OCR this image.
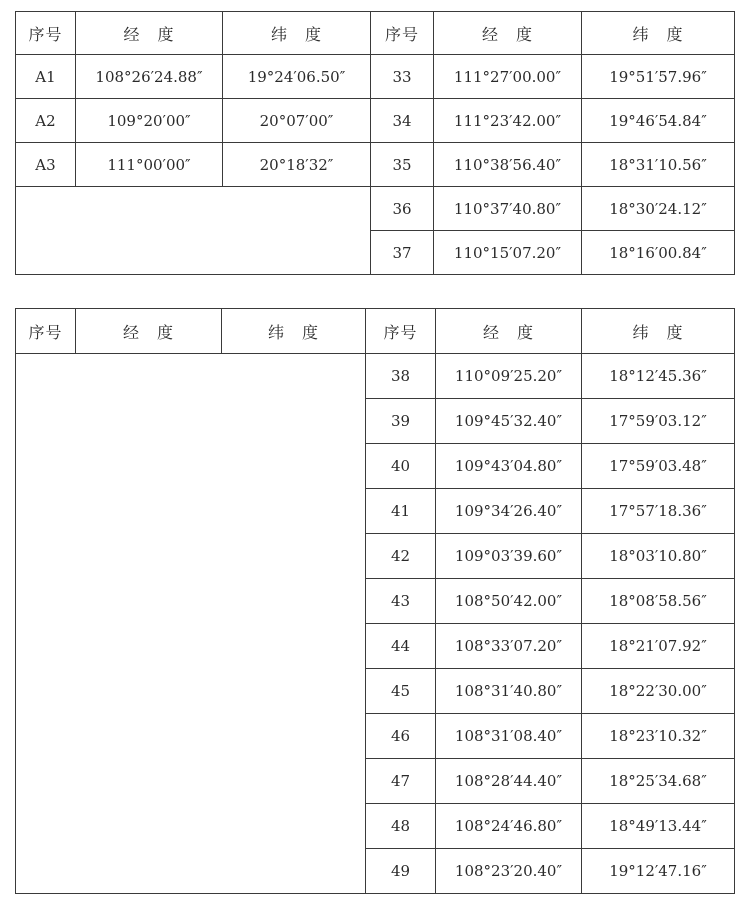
序号	经　度	纬　度	序号	经　度	纬　度
A1	108°26′24.88″	19°24′06.50″	33	111°27′00.00″	19°51′57.96″
A2	109°20′00″	20°07′00″	34	111°23′42.00″	19°46′54.84″
A3	111°00′00″	20°18′32″	35	110°38′56.40″	18°31′10.56″
			36	110°37′40.80″	18°30′24.12″
			37	110°15′07.20″	18°16′00.84″
序号	经　度	纬　度	序号	经　度	纬　度
			38	110°09′25.20″	18°12′45.36″
			39	109°45′32.40″	17°59′03.12″
			40	109°43′04.80″	17°59′03.48″
			41	109°34′26.40″	17°57′18.36″
			42	109°03′39.60″	18°03′10.80″
			43	108°50′42.00″	18°08′58.56″
			44	108°33′07.20″	18°21′07.92″
			45	108°31′40.80″	18°22′30.00″
			46	108°31′08.40″	18°23′10.32″
			47	108°28′44.40″	18°25′34.68″
			48	108°24′46.80″	18°49′13.44″
			49	108°23′20.40″	19°12′47.16″
